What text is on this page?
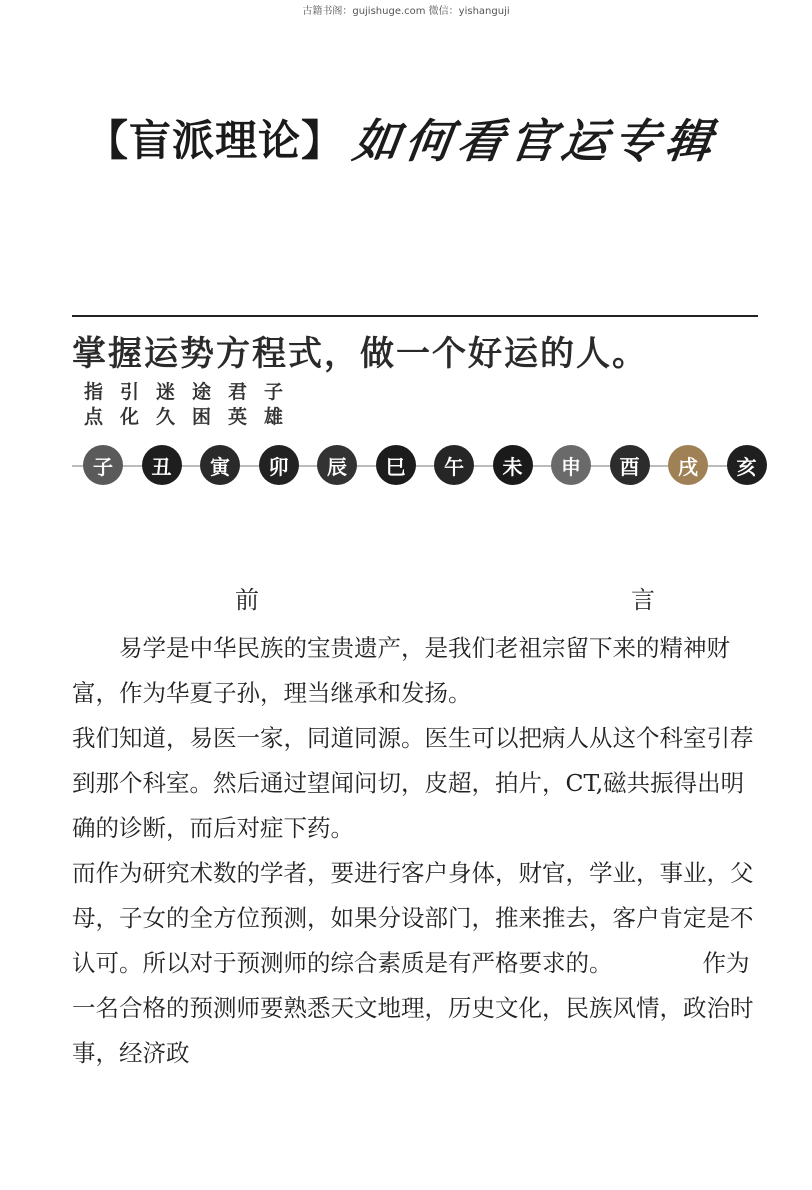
古籍书阁：gujishuge.com 微信：yishanguji
【盲派理论】 如何看官运专辑
掌握运势方程式，做一个好运的人。
指 引 迷 途 君 子
点 化 久 困 英 雄
子	丑	寅	卯	辰	巳	午	未	申	酉	戌	亥
前	言

易学是中华民族的宝贵遗产，是我们老祖宗留下来的精神财富，作为华夏子孙，理当继承和发扬。

我们知道，易医一家，同道同源。医生可以把病人从这个科室引荐到那个科室。然后通过望闻问切，皮超，拍片，CT,磁共振得出明确的诊断，而后对症下药。

而作为研究术数的学者，要进行客户身体，财官，学业，事业，父母，子女的全方位预测，如果分设部门，推来推去，客户肯定是不认可。所以对于预测师的综合素质是有严格要求的。	作为一名合格的预测师要熟悉天文地理，历史文化，民族风情，政治时事，经济政
